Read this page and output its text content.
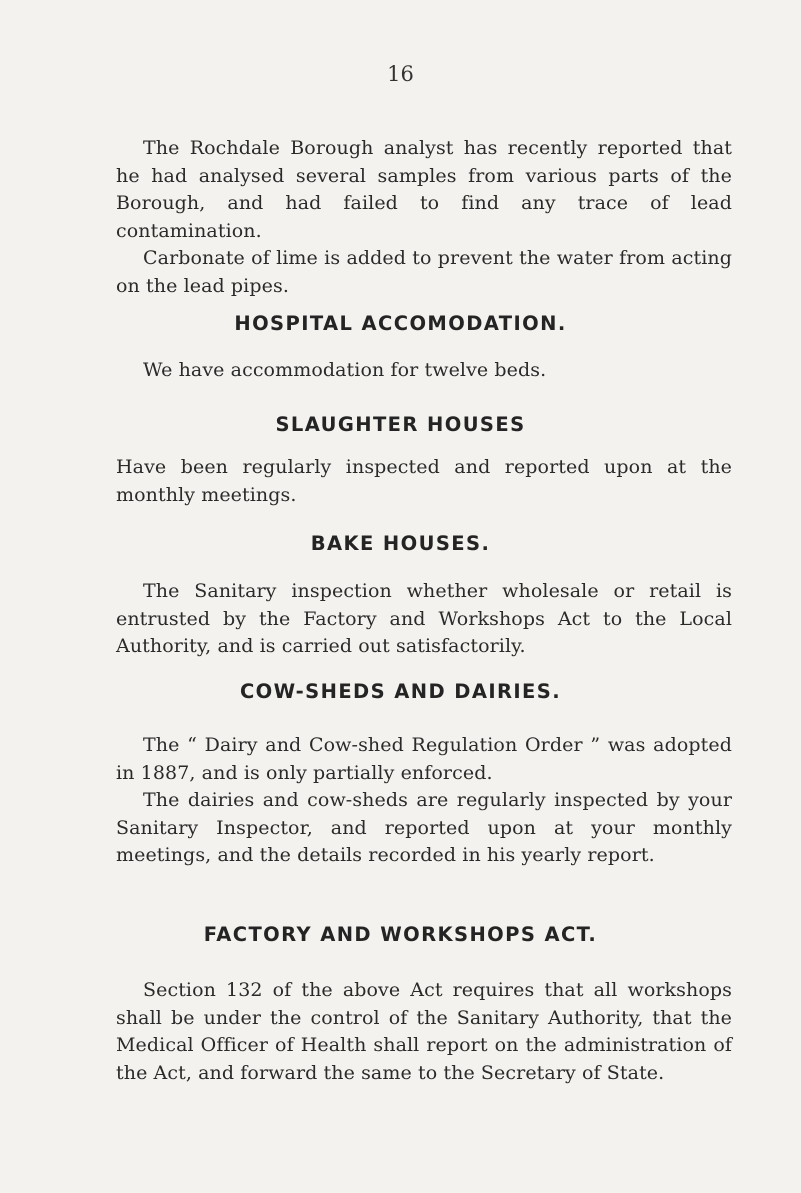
16

The Rochdale Borough analyst has recently reported that he had analysed several samples from various parts of the Borough, and had failed to find any trace of lead contamination.

Carbonate of lime is added to prevent the water from acting on the lead pipes.

HOSPITAL ACCOMODATION.

We have accommodation for twelve beds.

SLAUGHTER HOUSES

Have been regularly inspected and reported upon at the monthly meetings.

BAKE HOUSES.

The Sanitary inspection whether wholesale or retail is entrusted by the Factory and Workshops Act to the Local Authority, and is carried out satisfactorily.

COW-SHEDS AND DAIRIES.

The “ Dairy and Cow-shed Regulation Order ” was adopted in 1887, and is only partially enforced.

The dairies and cow-sheds are regularly inspected by your Sanitary Inspector, and reported upon at your monthly meetings, and the details recorded in his yearly report.

FACTORY AND WORKSHOPS ACT.

Section 132 of the above Act requires that all workshops shall be under the control of the Sanitary Authority, that the Medical Officer of Health shall report on the administration of the Act, and forward the same to the Secretary of State.
